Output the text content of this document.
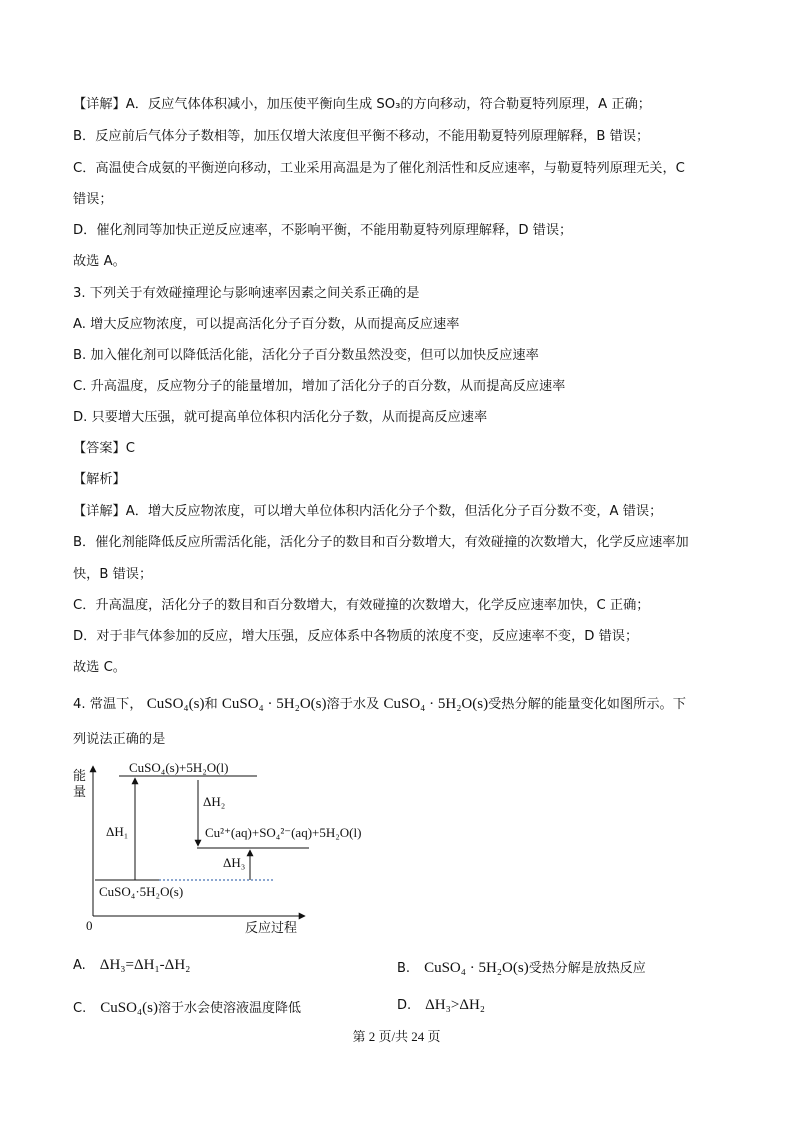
【详解】A．反应气体体积减小，加压使平衡向生成 SO₃的方向移动，符合勒夏特列原理，A 正确；
B．反应前后气体分子数相等，加压仅增大浓度但平衡不移动，不能用勒夏特列原理解释，B 错误；
C．高温使合成氨的平衡逆向移动，工业采用高温是为了催化剂活性和反应速率，与勒夏特列原理无关，C
错误；
D．催化剂同等加快正逆反应速率，不影响平衡，不能用勒夏特列原理解释，D 错误；
故选 A。
3. 下列关于有效碰撞理论与影响速率因素之间关系正确的是
A. 增大反应物浓度，可以提高活化分子百分数，从而提高反应速率
B. 加入催化剂可以降低活化能，活化分子百分数虽然没变，但可以加快反应速率
C. 升高温度，反应物分子的能量增加，增加了活化分子的百分数，从而提高反应速率
D. 只要增大压强，就可提高单位体积内活化分子数，从而提高反应速率
【答案】C
【解析】
【详解】A．增大反应物浓度，可以增大单位体积内活化分子个数，但活化分子百分数不变，A 错误；
B．催化剂能降低反应所需活化能，活化分子的数目和百分数增大，有效碰撞的次数增大，化学反应速率加
快，B 错误；
C．升高温度，活化分子的数目和百分数增大，有效碰撞的次数增大，化学反应速率加快，C 正确；
D．对于非气体参加的反应，增大压强，反应体系中各物质的浓度不变，反应速率不变，D 错误；
故选 C。
4. 常温下， CuSO₄(s)和 CuSO₄ · 5H₂O(s)溶于水及 CuSO₄ · 5H₂O(s)受热分解的能量变化如图所示。下
列说法正确的是
能
量
0	反应过程
CuSO₄(s)+5H₂O(l)
Cu²⁺(aq)+SO₄²⁻(aq)+5H₂O(l)
CuSO₄·5H₂O(s)
ΔH₁
ΔH₂
ΔH₃
A. ΔH₃=ΔH₁-ΔH₂	B. CuSO₄ · 5H₂O(s)受热分解是放热反应
C. CuSO₄(s)溶于水会使溶液温度降低	D. ΔH₃>ΔH₂
第 2 页/共 24 页
